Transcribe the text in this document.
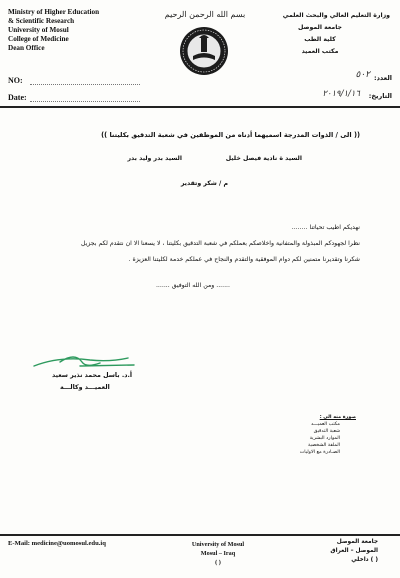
Ministry of Higher Education
& Scientific Research
University of Mosul
College of Medicine
Dean Office
وزارة التعليم العالي والبحث العلمي
جامعة الموصل
كلية الطب
مكتب العميد
بسم الله الرحمن الرحيم
NO:
Date:
العدد:
٥٠٢
التاريخ:
٢٠١٩/١/١٦
(( الى / الذوات المدرجة اسميهما أدناه من الموظفين في شعبة التدقيق بكليتنا ))
السيد ة نادية فيصل خليل
السيد بدر وليد بدر
م / شكر وتقدير
نهديكم اطيب تحياتنا ........
نظرا لجهودكم المبذولة والمتفانية واخلاصكم بعملكم في شعبة التدقيق بكليتنا ، لا يسعنا الا ان نتقدم لكم بجزيل
شكرنا وتقديرنا متمنين لكم دوام الموفقية والتقدم والنجاح في عملكم خدمة لكليتنا العزيزة .
....... ومن الله التوفيق .......
أ.د. باسل محمد نذير سعيد
العميـــد وكالـــة
صورة منه الى :
مكتب العميـــد
شعبة التدقيق
الموارد البشرية
الملفة الشخصية
الصـادرة مع الاوليات
E-Mail: medicine@uomosul.edu.iq	University of Mosul
Mosul – Iraq
( )
جامعة الموصل
الموصل – العراق
( ) داخلي
